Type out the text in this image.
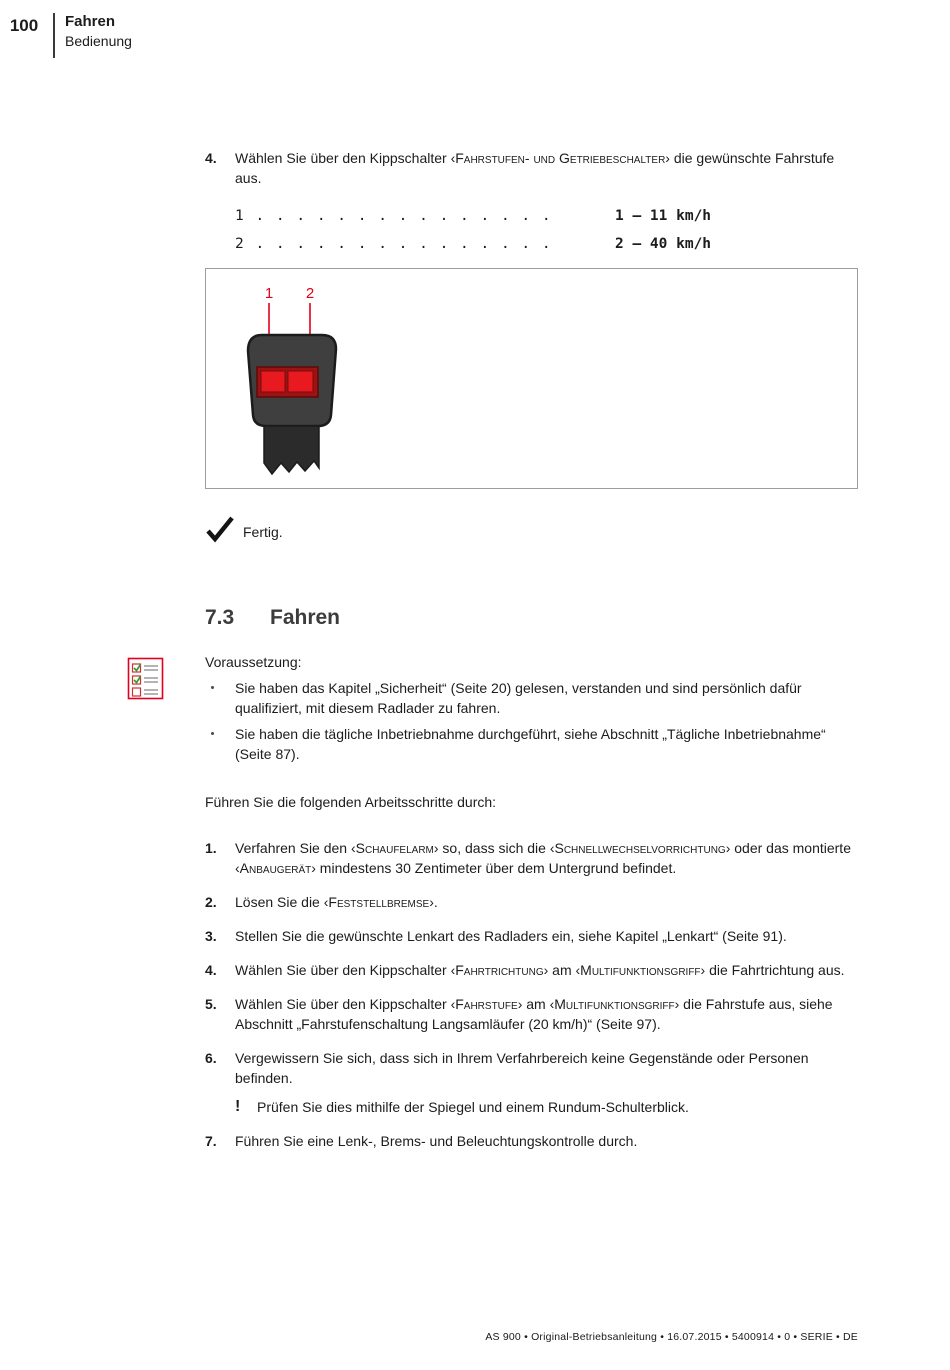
100	Fahren
Bedienung
4.	Wählen Sie über den Kippschalter ‹Fahrstufen- und Getriebeschalter› die gewünschte Fahrstufe aus.
1 . . . . . . . . . . . . . . .	1 – 11 km/h
2 . . . . . . . . . . . . . . .	2 – 40 km/h
1 2
Fertig.
7.3	Fahren
Voraussetzung:
Sie haben das Kapitel „Sicherheit“ (Seite 20) gelesen, verstanden und sind persönlich dafür qualifiziert, mit diesem Radlader zu fahren.
Sie haben die tägliche Inbetriebnahme durchgeführt, siehe Abschnitt „Tägliche Inbetriebnahme“ (Seite 87).
Führen Sie die folgenden Arbeitsschritte durch:
1.	Verfahren Sie den ‹Schaufelarm› so, dass sich die ‹Schnellwechselvorrichtung› oder das montierte ‹Anbaugerät› mindestens 30 Zentimeter über dem Untergrund befindet.
2.	Lösen Sie die ‹Feststellbremse›.
3.	Stellen Sie die gewünschte Lenkart des Radladers ein, siehe Kapitel „Lenkart“ (Seite 91).
4.	Wählen Sie über den Kippschalter ‹Fahrtrichtung› am ‹Multifunktionsgriff› die Fahrtrichtung aus.
5.	Wählen Sie über den Kippschalter ‹Fahrstufe› am ‹Multifunktionsgriff› die Fahrstufe aus, siehe Abschnitt „Fahrstufenschaltung Langsamläufer (20 km/h)“ (Seite 97).
6.	Vergewissern Sie sich, dass sich in Ihrem Verfahrbereich keine Gegenstände oder Personen befinden.
!	Prüfen Sie dies mithilfe der Spiegel und einem Rundum-Schulterblick.
7.	Führen Sie eine Lenk-, Brems- und Beleuchtungskontrolle durch.
AS 900 • Original-Betriebsanleitung • 16.07.2015 • 5400914 • 0 • SERIE • DE
